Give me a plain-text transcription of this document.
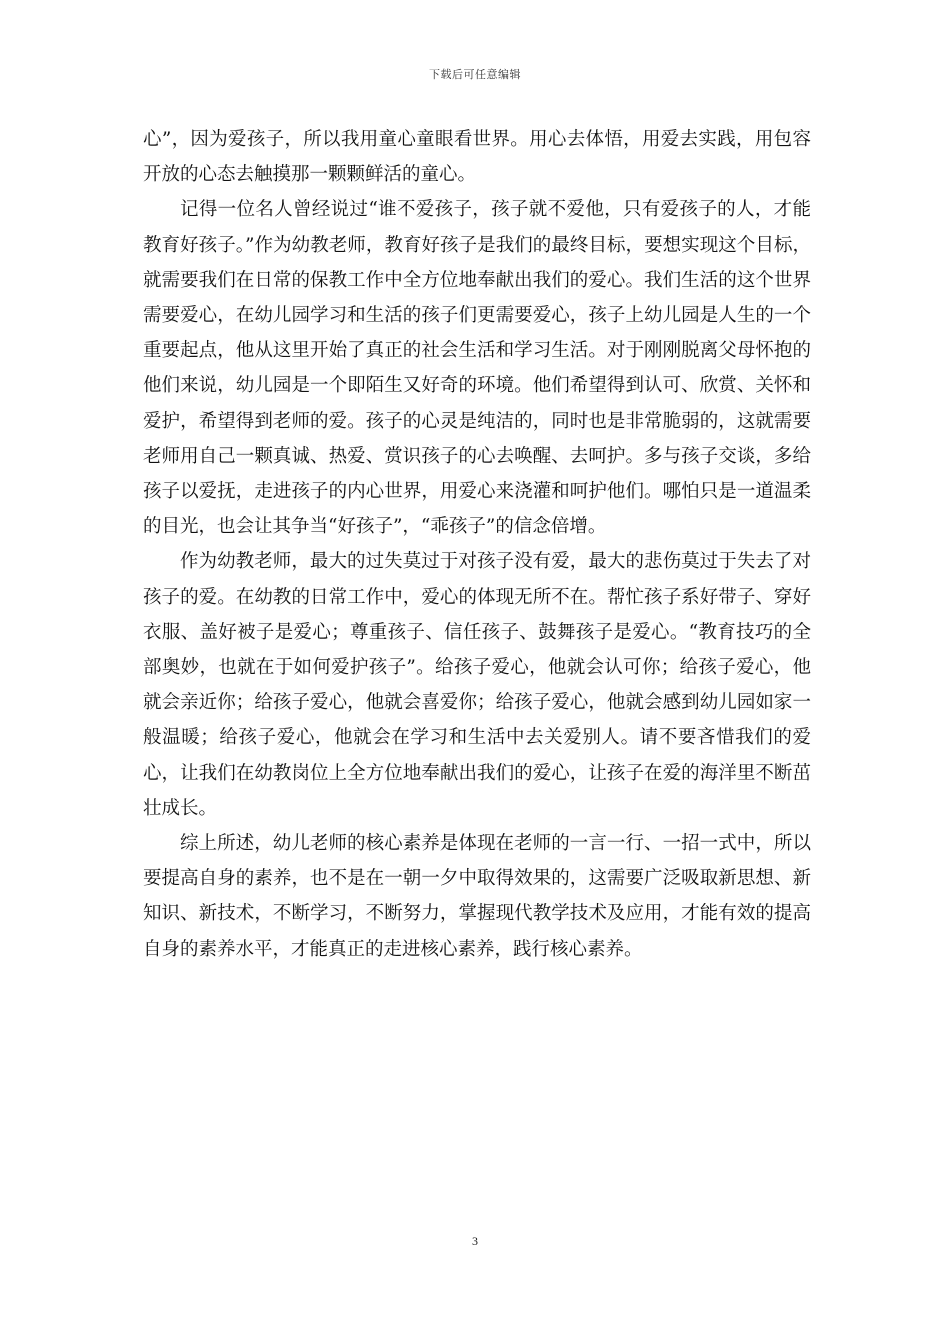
下载后可任意编辑

心”，因为爱孩子，所以我用童心童眼看世界。用心去体悟，用爱去实践，用包容开放的心态去触摸那一颗颗鲜活的童心。

记得一位名人曾经说过“谁不爱孩子，孩子就不爱他，只有爱孩子的人，才能教育好孩子。”作为幼教老师，教育好孩子是我们的最终目标，要想实现这个目标，就需要我们在日常的保教工作中全方位地奉献出我们的爱心。我们生活的这个世界需要爱心，在幼儿园学习和生活的孩子们更需要爱心，孩子上幼儿园是人生的一个重要起点，他从这里开始了真正的社会生活和学习生活。对于刚刚脱离父母怀抱的他们来说，幼儿园是一个即陌生又好奇的环境。他们希望得到认可、欣赏、关怀和爱护，希望得到老师的爱。孩子的心灵是纯洁的，同时也是非常脆弱的，这就需要老师用自己一颗真诚、热爱、赏识孩子的心去唤醒、去呵护。多与孩子交谈，多给孩子以爱抚，走进孩子的内心世界，用爱心来浇灌和呵护他们。哪怕只是一道温柔的目光，也会让其争当“好孩子”，“乖孩子”的信念倍增。

作为幼教老师，最大的过失莫过于对孩子没有爱，最大的悲伤莫过于失去了对孩子的爱。在幼教的日常工作中，爱心的体现无所不在。帮忙孩子系好带子、穿好衣服、盖好被子是爱心；尊重孩子、信任孩子、鼓舞孩子是爱心。“教育技巧的全部奥妙，也就在于如何爱护孩子”。给孩子爱心，他就会认可你；给孩子爱心，他就会亲近你；给孩子爱心，他就会喜爱你；给孩子爱心，他就会感到幼儿园如家一般温暖；给孩子爱心，他就会在学习和生活中去关爱别人。请不要吝惜我们的爱心，让我们在幼教岗位上全方位地奉献出我们的爱心，让孩子在爱的海洋里不断茁壮成长。

综上所述，幼儿老师的核心素养是体现在老师的一言一行、一招一式中，所以要提高自身的素养，也不是在一朝一夕中取得效果的，这需要广泛吸取新思想、新知识、新技术，不断学习，不断努力，掌握现代教学技术及应用，才能有效的提高自身的素养水平，才能真正的走进核心素养，践行核心素养。

3
